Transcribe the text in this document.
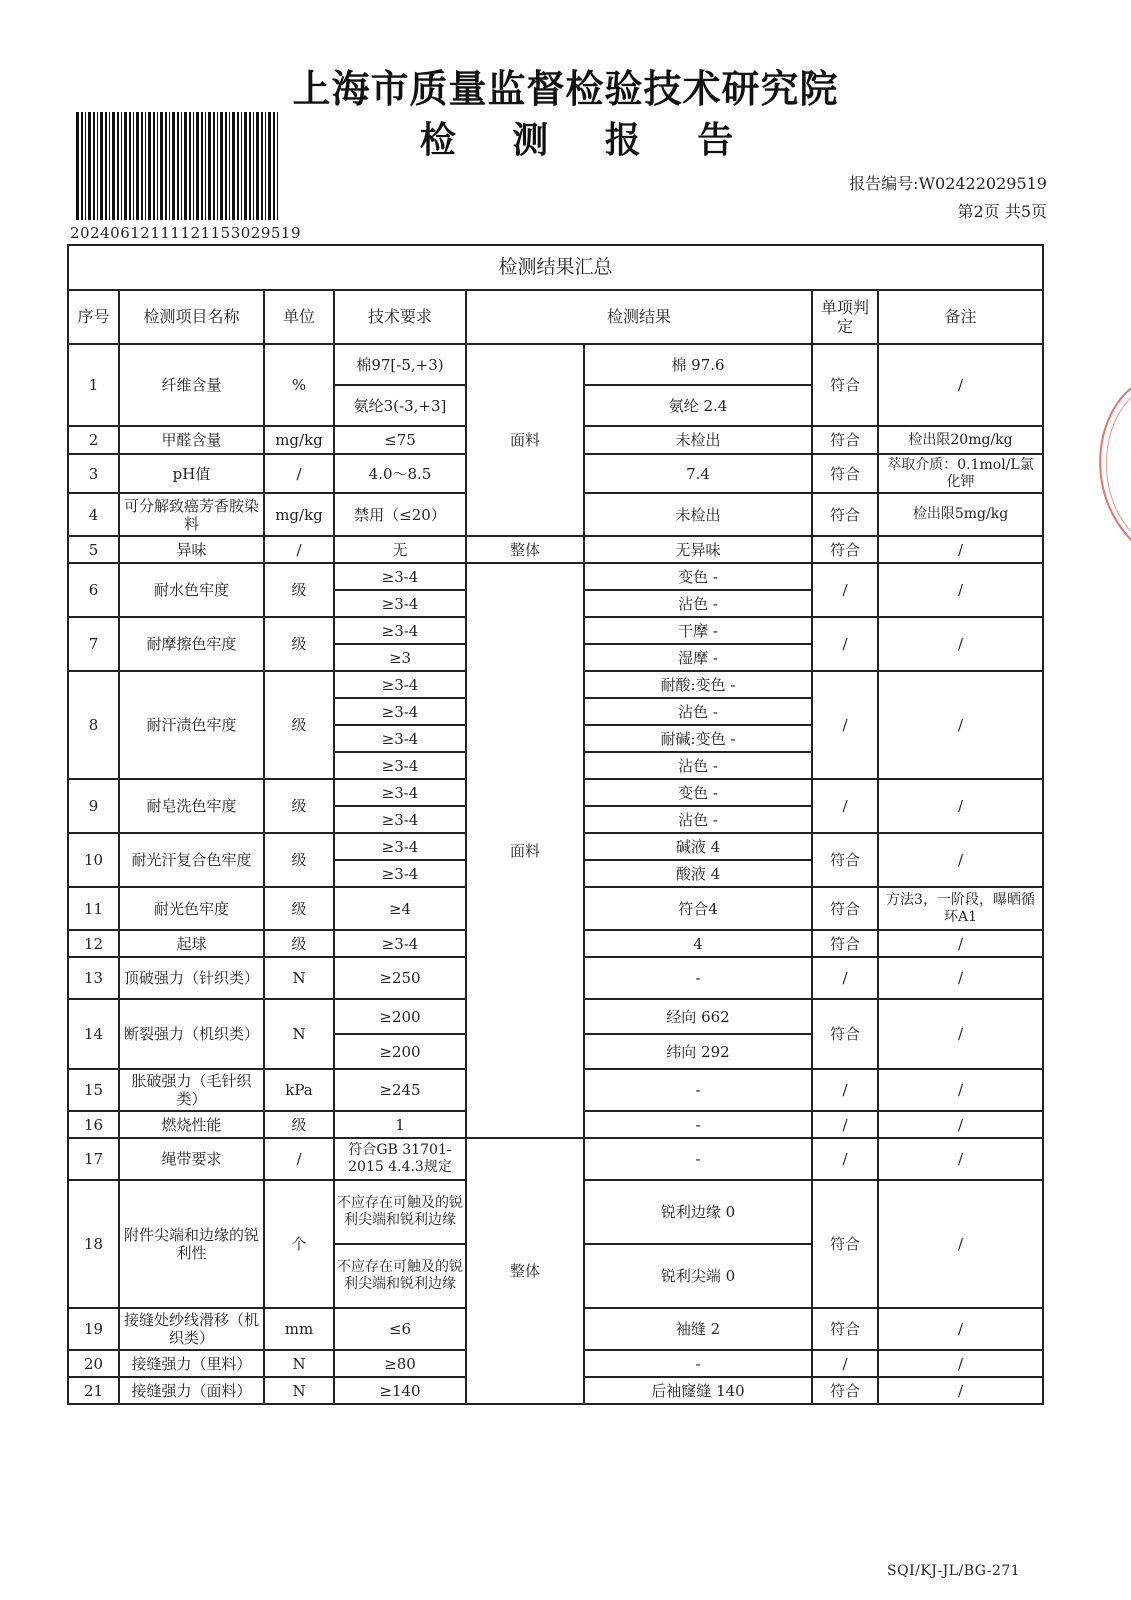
上海市质量监督检验技术研究院
检 测 报 告
20240612111121153029519
报告编号:W02422029519
第2页 共5页
检测结果汇总							
序号	检测项目名称	单位	技术要求	检测结果		单项判定	备注
1	纤维含量	%	棉97[-5,+3)	面料	棉 97.6	符合	/
			氨纶3(-3,+3]		氨纶 2.4		
2	甲醛含量	mg/kg	≤75		未检出	符合	检出限20mg/kg
3	pH值	/	4.0～8.5		7.4	符合	萃取介质：0.1mol/L氯化钾
4	可分解致癌芳香胺染料	mg/kg	禁用（≤20）		未检出	符合	检出限5mg/kg
5	异味	/	无	整体	无异味	符合	/
6	耐水色牢度	级	≥3-4	面料	变色 -	/	/
			≥3-4		沾色 -		
7	耐摩擦色牢度	级	≥3-4		干摩 -	/	/
			≥3		湿摩 -		
8	耐汗渍色牢度	级	≥3-4		耐酸:变色 -	/	/
			≥3-4		沾色 -		
			≥3-4		耐碱:变色 -		
			≥3-4		沾色 -		
9	耐皂洗色牢度	级	≥3-4		变色 -	/	/
			≥3-4		沾色 -		
10	耐光汗复合色牢度	级	≥3-4		碱液 4	符合	/
			≥3-4		酸液 4		
11	耐光色牢度	级	≥4		符合4	符合	方法3，一阶段，曝晒循环A1
12	起球	级	≥3-4		4	符合	/
13	顶破强力（针织类）	N	≥250		-	/	/
14	断裂强力（机织类）	N	≥200		经向 662	符合	/
			≥200		纬向 292		
15	胀破强力（毛针织类）	kPa	≥245		-	/	/
16	燃烧性能	级	1		-	/	/
17	绳带要求	/	符合GB 31701-2015 4.4.3规定	整体	-	/	/
18	附件尖端和边缘的锐利性	个	不应存在可触及的锐利尖端和锐利边缘		锐利边缘 0	符合	/
			不应存在可触及的锐利尖端和锐利边缘		锐利尖端 0		
19	接缝处纱线滑移（机织类）	mm	≤6		袖缝 2	符合	/
20	接缝强力（里料）	N	≥80		-	/	/
21	接缝强力（面料）	N	≥140		后袖窿缝 140	符合	/
SQI/KJ-JL/BG-271
